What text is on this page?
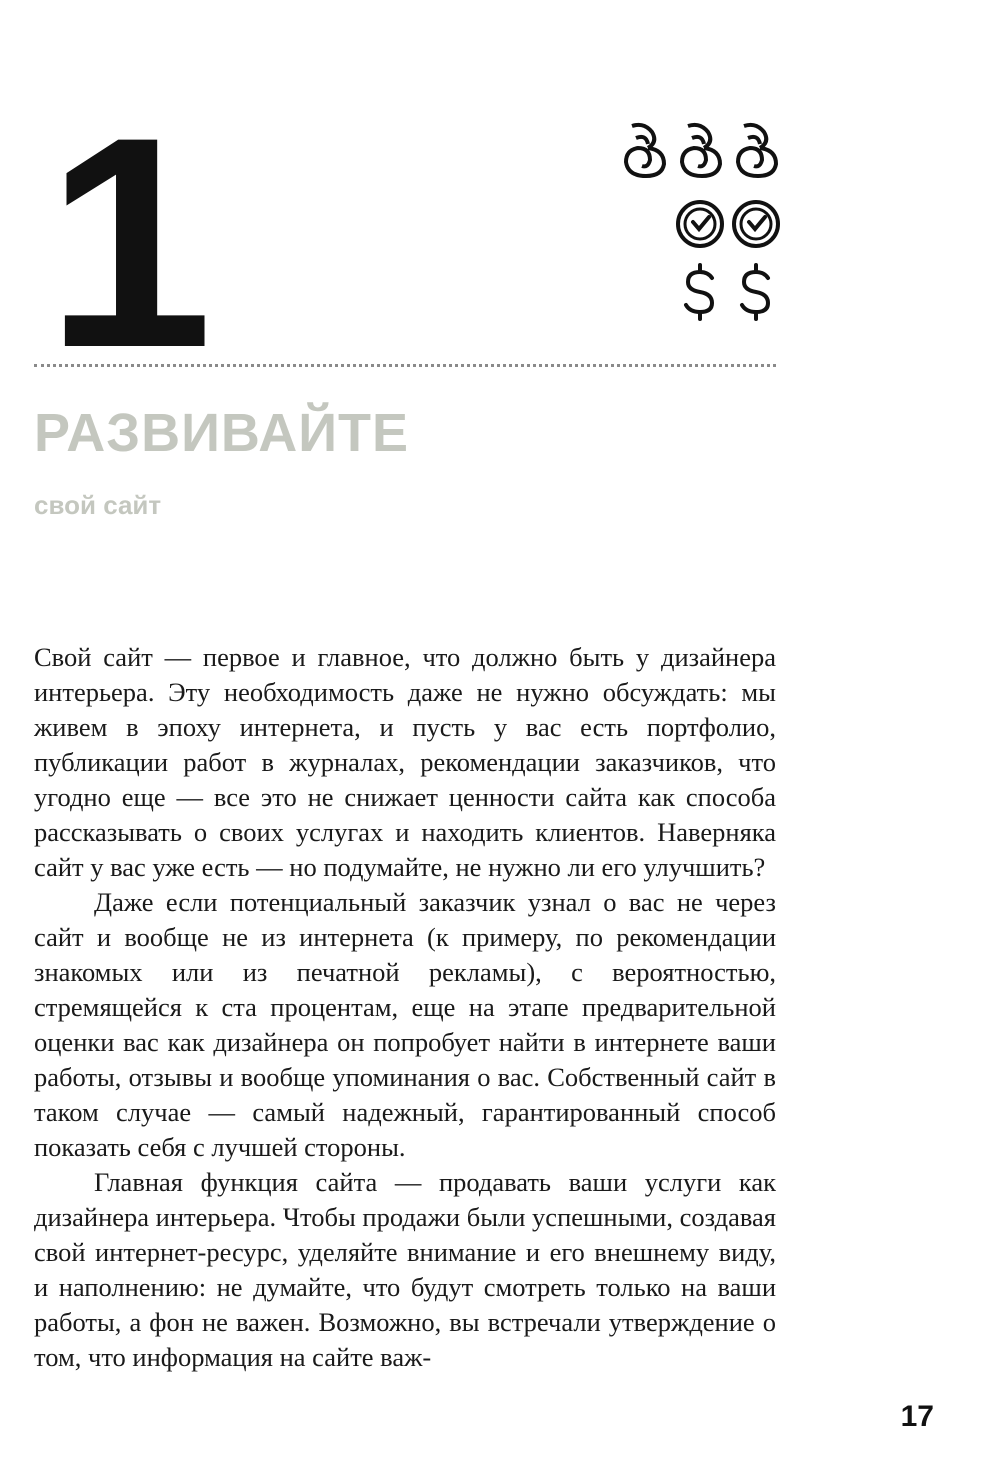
1
РАЗВИВАЙТЕ
свой сайт

Свой сайт — первое и главное, что должно быть у дизайнера интерьера. Эту необходимость даже не нужно обсуждать: мы живем в эпоху интернета, и пусть у вас есть портфолио, публикации работ в журналах, рекомендации заказчиков, что угодно еще — все это не снижает ценности сайта как способа рассказывать о своих услугах и находить клиентов. Наверняка сайт у вас уже есть — но подумайте, не нужно ли его улучшить?

Даже если потенциальный заказчик узнал о вас не через сайт и вообще не из интернета (к примеру, по рекомендации знакомых или из печатной рекламы), с вероятностью, стремящейся к ста процентам, еще на этапе предварительной оценки вас как дизайнера он попробует найти в интернете ваши работы, отзывы и вообще упоминания о вас. Собственный сайт в таком случае — самый надежный, гарантированный способ показать себя с лучшей стороны.

Главная функция сайта — продавать ваши услуги как дизайнера интерьера. Чтобы продажи были успешными, создавая свой интернет-ресурс, уделяйте внимание и его внешнему виду, и наполнению: не думайте, что будут смотреть только на ваши работы, а фон не важен. Возможно, вы встречали утверждение о том, что информация на сайте важ-

17
